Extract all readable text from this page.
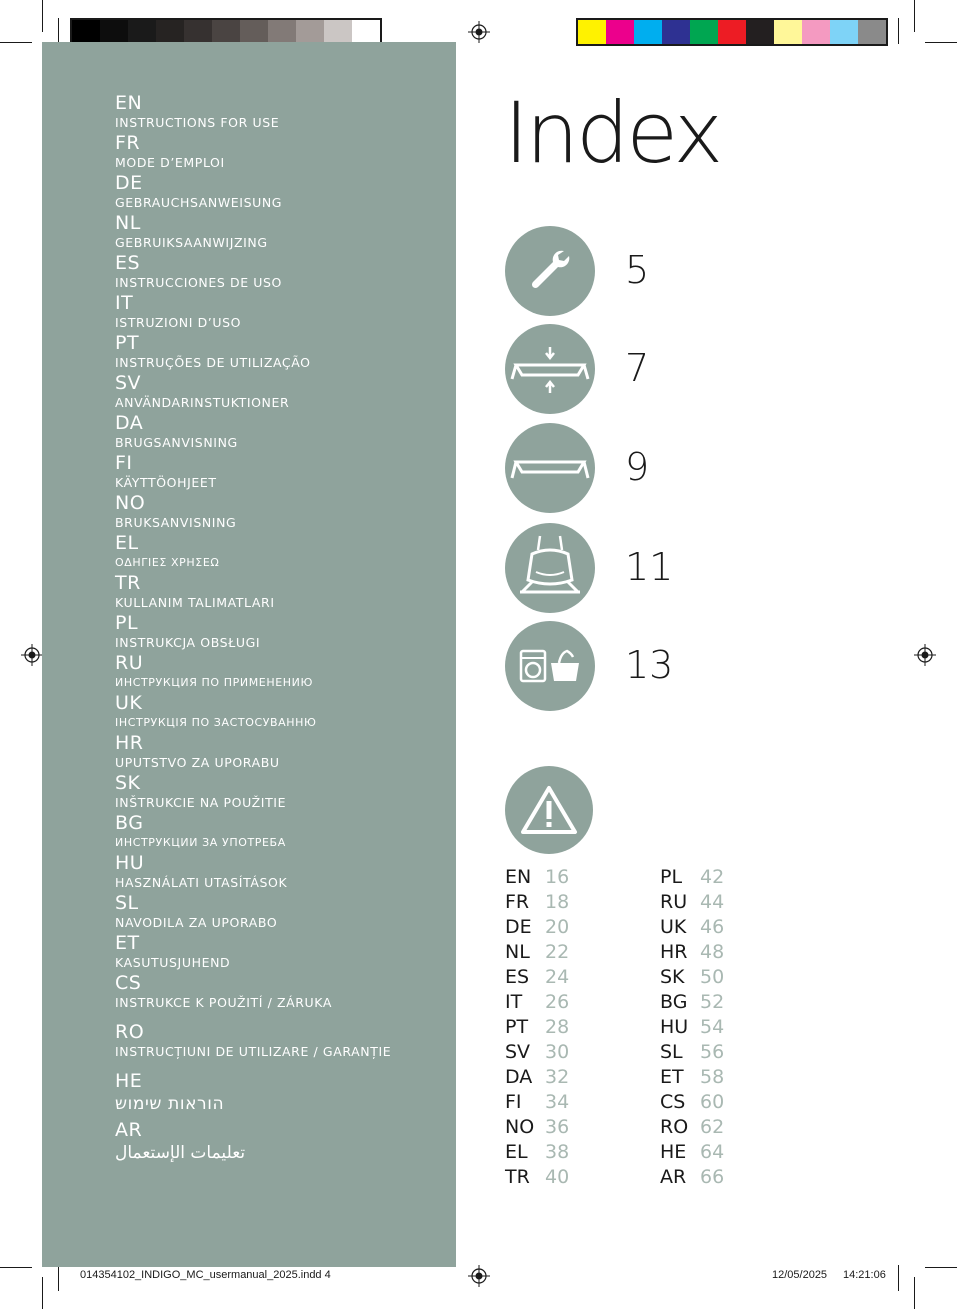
EN
INSTRUCTIONS FOR USE
FR
MODE D’EMPLOI
DE
GEBRAUCHSANWEISUNG
NL
GEBRUIKSAANWIJZING
ES
INSTRUCCIONES DE USO
IT
ISTRUZIONI D’USO
PT
INSTRUÇÕES DE UTILIZAÇÃO
SV
ANVÄNDARINSTUKTIONER
DA
BRUGSANVISNING
FI
KÄYTTÖOHJEET
NO
BRUKSANVISNING
EL
ΟΔΗΓΙΕΣ ΧΡΗΣΕΩ
TR
KULLANIM TALIMATLARI
PL
INSTRUKCJA OBSŁUGI
RU
ИНСТРУКЦИЯ ПО ПРИМЕНЕНИЮ
UK
ІНСТРУКЦІЯ ПО ЗАСТОСУВАННЮ
HR
UPUTSTVO ZA UPORABU
SK
INŠTRUKCIE NA POUŽITIE
BG
ИНСТРУКЦИИ ЗА УПОТРЕБА
HU
HASZNÁLATI UTASÍTÁSOK
SL
NAVODILA ZA UPORABO
ET
KASUTUSJUHEND
CS
INSTRUKCE K POUŽITÍ / ZÁRUKA
RO
INSTRUCȚIUNI DE UTILIZARE / GARANȚIE
HE
הוראות שימוש
AR
تعليمات الإستعمال
Index
5
7
9
11
13
EN 16
FR 18
DE 20
NL 22
ES 24
IT	26
PT 28
SV 30
DA 32
FI	34
NO 36
EL 38
TR 40
PL 42
RU 44
UK 46
HR 48
SK 50
BG 52
HU 54
SL 56
ET 58
CS 60
RO 62
HE 64
AR 66
014354102_INDIGO_MC_usermanual_2025.indd 4	12/05/2025 14:21:06
